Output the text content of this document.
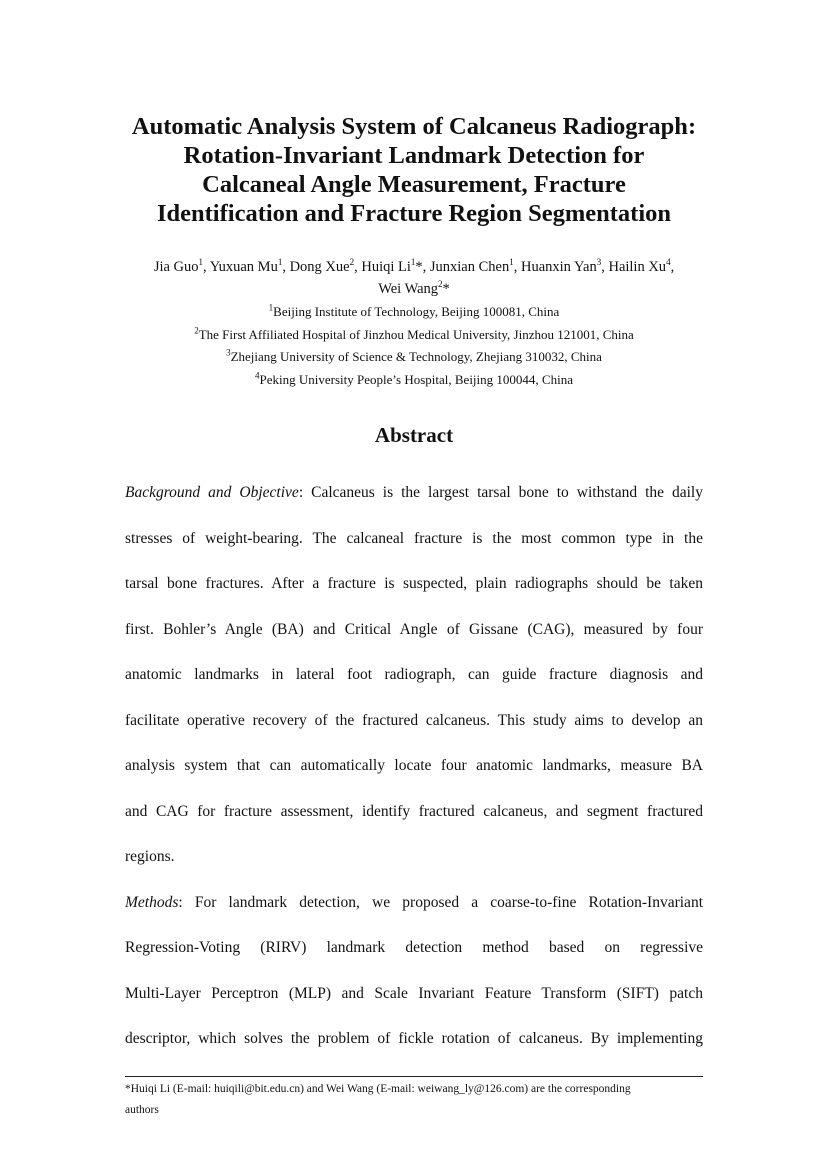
Automatic Analysis System of Calcaneus Radiograph:
Rotation-Invariant Landmark Detection for
Calcaneal Angle Measurement, Fracture
Identification and Fracture Region Segmentation
Jia Guo$^1$, Yuxuan Mu$^1$, Dong Xue$^2$, Huiqi Li$^1$*, Junxian Chen$^1$, Huanxin Yan$^3$, Hailin Xu$^4$,
Wei Wang$^2$*
$^1$Beijing Institute of Technology, Beijing 100081, China
$^2$The First Affiliated Hospital of Jinzhou Medical University, Jinzhou 121001, China
$^3$Zhejiang University of Science & Technology, Zhejiang 310032, China
$^4$Peking University People’s Hospital, Beijing 100044, China
Abstract
Background and Objective: Calcaneus is the largest tarsal bone to withstand the daily
stresses of weight-bearing. The calcaneal fracture is the most common type in the
tarsal bone fractures. After a fracture is suspected, plain radiographs should be taken
first. Bohler’s Angle (BA) and Critical Angle of Gissane (CAG), measured by four
anatomic landmarks in lateral foot radiograph, can guide fracture diagnosis and
facilitate operative recovery of the fractured calcaneus. This study aims to develop an
analysis system that can automatically locate four anatomic landmarks, measure BA
and CAG for fracture assessment, identify fractured calcaneus, and segment fractured
regions.
Methods: For landmark detection, we proposed a coarse-to-fine Rotation-Invariant
Regression-Voting (RIRV) landmark detection method based on regressive
Multi-Layer Perceptron (MLP) and Scale Invariant Feature Transform (SIFT) patch
descriptor, which solves the problem of fickle rotation of calcaneus. By implementing
*Huiqi Li (E-mail: huiqili@bit.edu.cn) and Wei Wang (E-mail: weiwang_ly@126.com) are the corresponding
authors
